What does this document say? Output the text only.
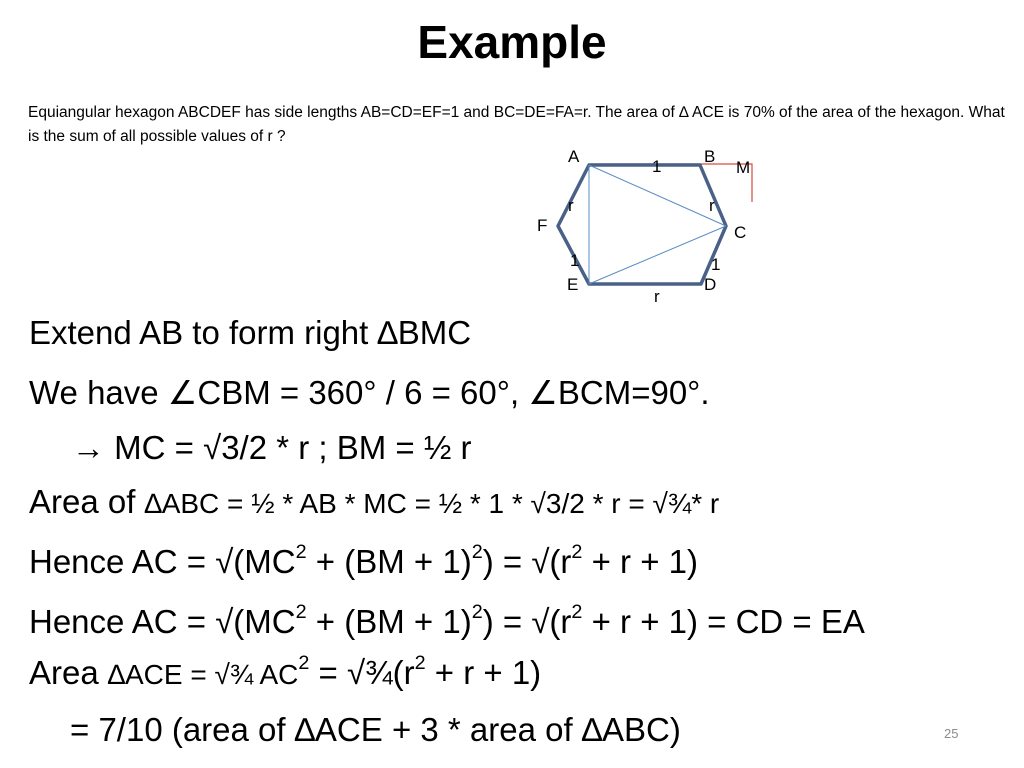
Example
Equiangular hexagon ABCDEF has side lengths AB=CD=EF=1 and BC=DE=FA=r. The area of ∆ ACE is 70% of the area of the hexagon. What is the sum of all possible values of r ?
A	B
M
C
D
E
F
1
r
1
r
1
r
Extend AB to form right ∆BMC
We have ∠CBM = 360° / 6 = 60°, ∠BCM=90°.
→ MC = √3/2 * r ; BM = ½ r
Area of ∆ABC = ½ * AB * MC = ½ * 1 * √3/2 * r = √¾* r
Hence AC = $√(MC^2 + (BM + 1)^2) = √(r^2 + r + 1)$
Hence AC = $√(MC^2 + (BM + 1)^2) = √(r^2 + r + 1)$ = CD = EA
Area ∆ACE = √¾ $AC^2$ = $√\frac{3}{4}(r^2 + r + 1)$
= 7/10 (area of ∆ACE + 3 * area of ∆ABC)	25
